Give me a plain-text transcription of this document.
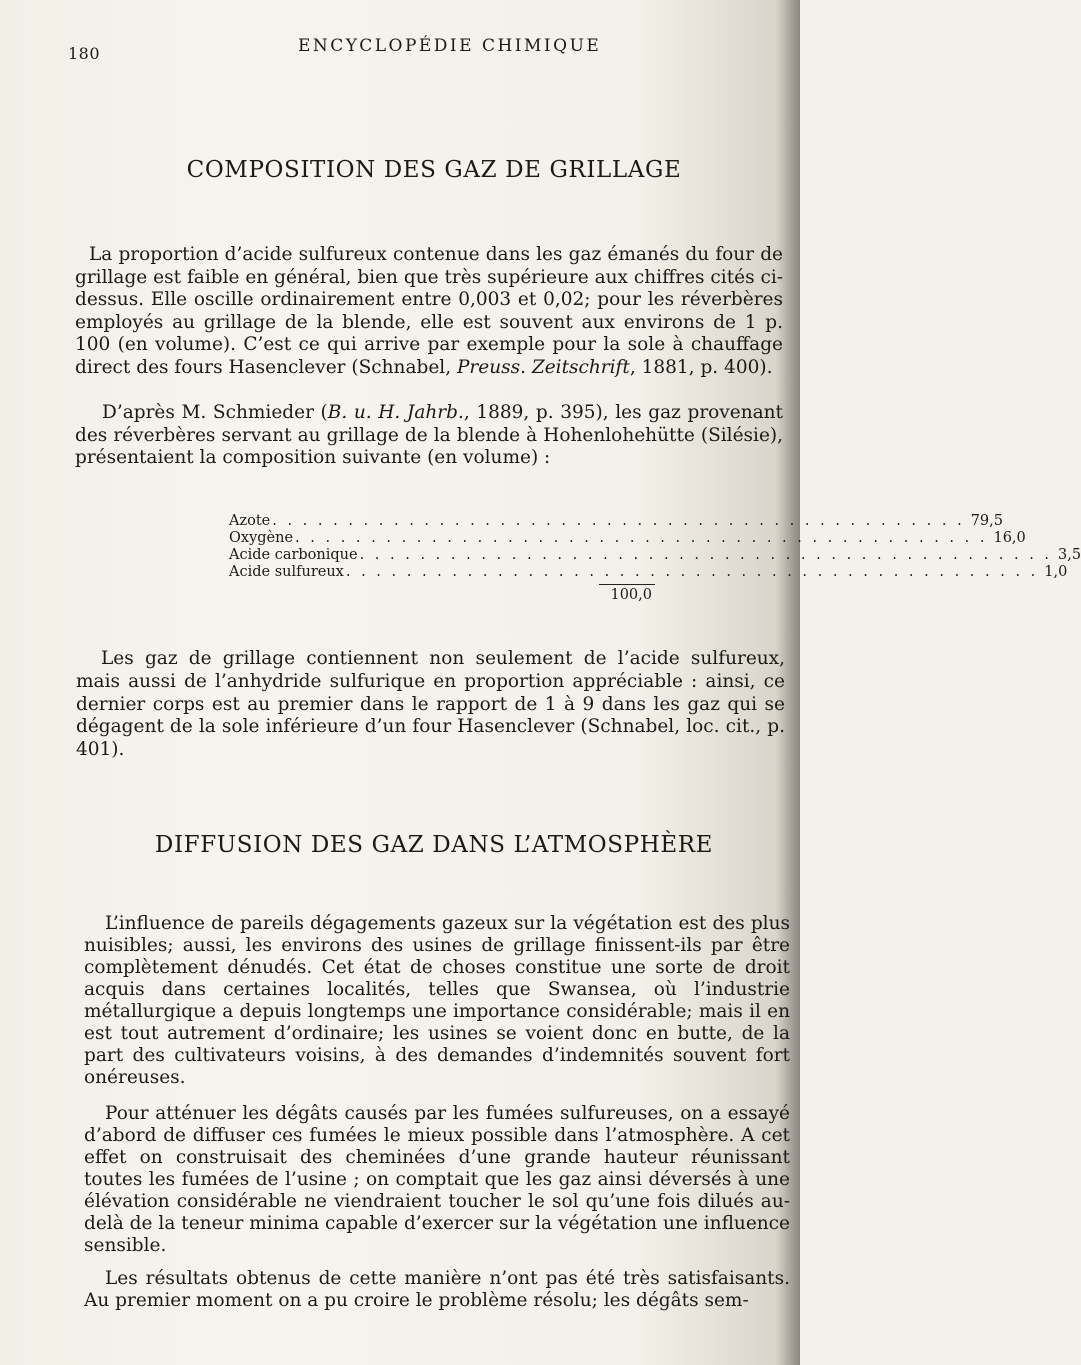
180	ENCYCLOPÉDIE CHIMIQUE
COMPOSITION DES GAZ DE GRILLAGE

La proportion d’acide sulfureux contenue dans les gaz émanés du four de grillage est faible en général, bien que très supérieure aux chiffres cités ci-dessus. Elle oscille ordinairement entre 0,003 et 0,02; pour les réverbères employés au grillage de la blende, elle est souvent aux environs de 1 p. 100 (en volume). C’est ce qui arrive par exemple pour la sole à chauffage direct des fours Hasenclever (Schnabel, Preuss. Zeitschrift, 1881, p. 400).

D’après M. Schmieder (B. u. H. Jahrb., 1889, p. 395), les gaz provenant des réverbères servant au grillage de la blende à Hohenlohehütte (Silésie), présentaient la composition suivante (en volume) :

Azote . . . . . . . . . . . . . . . . . . . . . . . . . . . . . . . . . . . . . . . . . . . . . . 79,5
Oxygène . . . . . . . . . . . . . . . . . . . . . . . . . . . . . . . . . . . . . . . . . . . . . . 16,0
Acide carbonique . . . . . . . . . . . . . . . . . . . . . . . . . . . . . . . . . . . . . . . . . . . . . . 3,5
Acide sulfureux . . . . . . . . . . . . . . . . . . . . . . . . . . . . . . . . . . . . . . . . . . . . . . 1,0
100,0

Les gaz de grillage contiennent non seulement de l’acide sulfureux, mais aussi de l’anhydride sulfurique en proportion appréciable : ainsi, ce dernier corps est au premier dans le rapport de 1 à 9 dans les gaz qui se dégagent de la sole inférieure d’un four Hasenclever (Schnabel, loc. cit., p. 401).

DIFFUSION DES GAZ DANS L’ATMOSPHÈRE

L’influence de pareils dégagements gazeux sur la végétation est des plus nuisibles; aussi, les environs des usines de grillage finissent-ils par être complètement dénudés. Cet état de choses constitue une sorte de droit acquis dans certaines localités, telles que Swansea, où l’industrie métallurgique a depuis longtemps une importance considérable; mais il en est tout autrement d’ordinaire; les usines se voient donc en butte, de la part des cultivateurs voisins, à des demandes d’indemnités souvent fort onéreuses.

Pour atténuer les dégâts causés par les fumées sulfureuses, on a essayé d’abord de diffuser ces fumées le mieux possible dans l’atmosphère. A cet effet on construisait des cheminées d’une grande hauteur réunissant toutes les fumées de l’usine ; on comptait que les gaz ainsi déversés à une élévation considérable ne viendraient toucher le sol qu’une fois dilués au-delà de la teneur minima capable d’exercer sur la végétation une influence sensible.

Les résultats obtenus de cette manière n’ont pas été très satisfaisants. Au premier moment on a pu croire le problème résolu; les dégâts sem-
